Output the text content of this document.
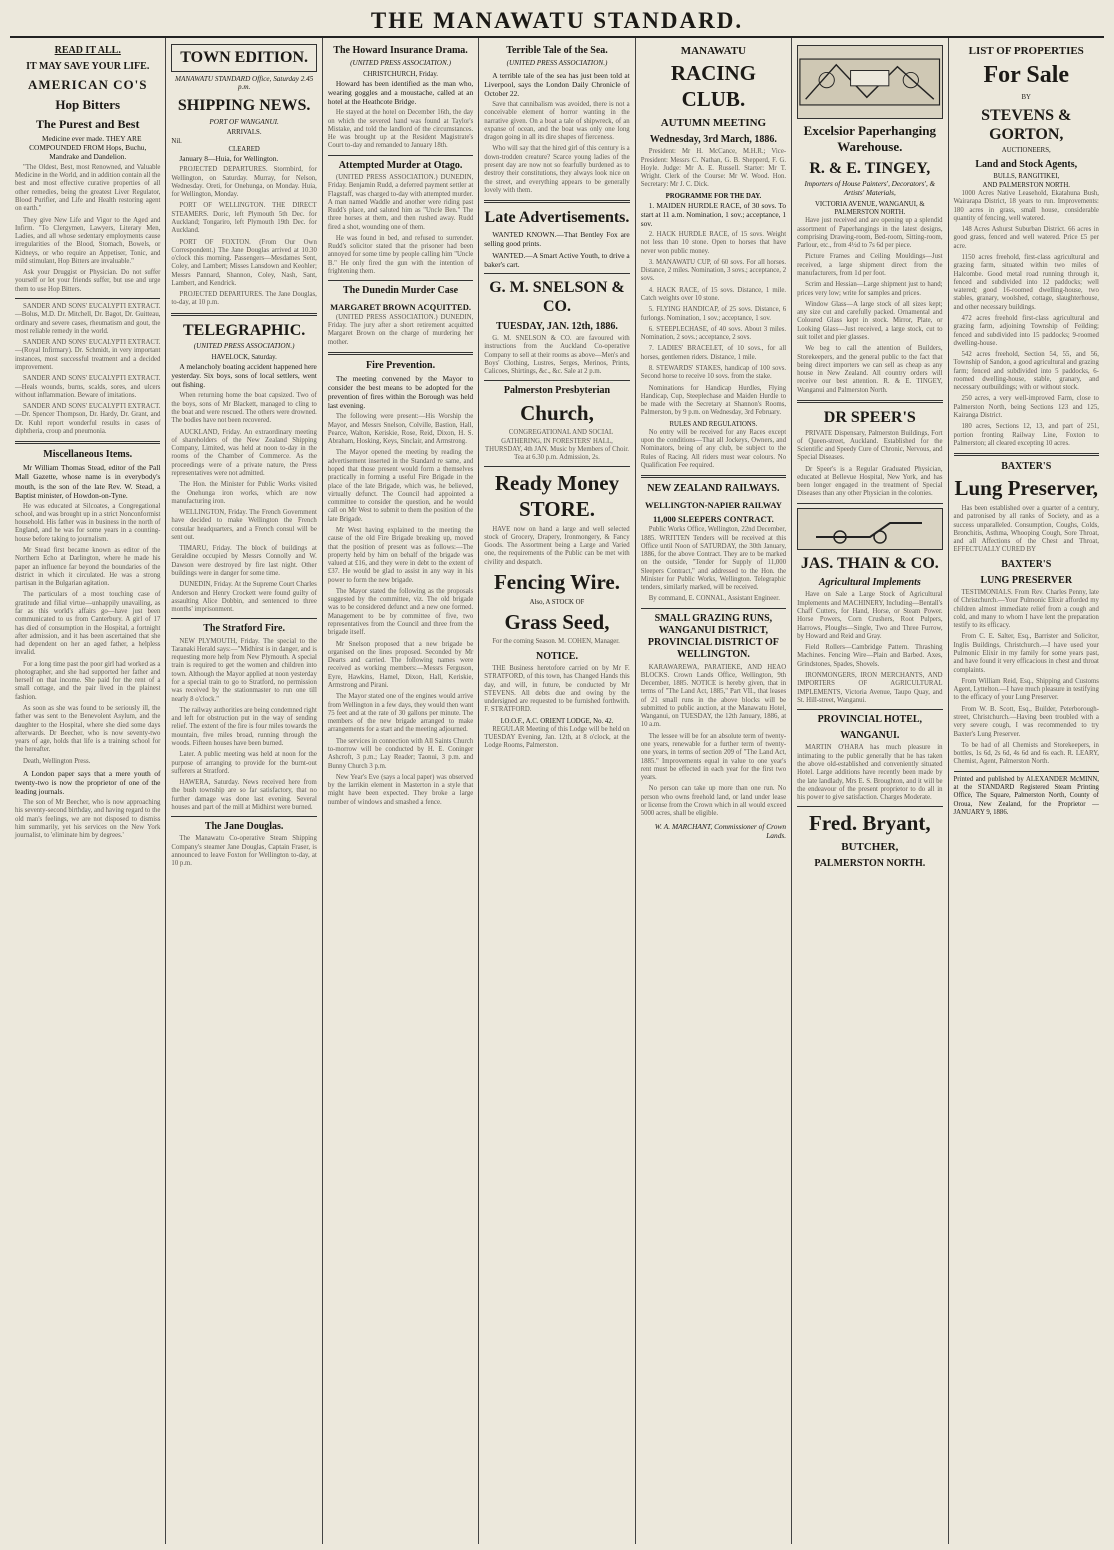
THE MANAWATU STANDARD.
READ IT ALL.
IT MAY SAVE YOUR LIFE.
AMERICAN CO'S
Hop Bitters
The Purest and Best

Medicine ever made. THEY ARE COMPOUNDED FROM Hops, Buchu, Mandrake and Dandelion.

"The Oldest, Best, most Renowned, and Valuable Medicine in the World, and in addition contain all the best and most effective curative properties of all other remedies, being the greatest Liver Regulator, Blood Purifier, and Life and Health restoring agent on earth."

They give New Life and Vigor to the Aged and Infirm. "To Clergymen, Lawyers, Literary Men, Ladies, and all whose sedentary employments cause irregularities of the Blood, Stomach, Bowels, or Kidneys, or who require an Appetiser, Tonic, and mild stimulant, Hop Bitters are invaluable."

Ask your Druggist or Physician. Do not suffer yourself or let your friends suffer, but use and urge them to use Hop Bitters.

SANDER AND SONS' EUCALYPTI EXTRACT.—Bolus, M.D. Dr. Mitchell, Dr. Bagot, Dr. Guitteau, ordinary and severe cases, rheumatism and gout, the most reliable remedy in the world.

SANDER AND SONS' EUCALYPTI EXTRACT.—(Royal Infirmary). Dr. Schmidt, in very important instances, most successful treatment and a decided improvement.

SANDER AND SONS' EUCALYPTI EXTRACT.—Heals wounds, burns, scalds, sores, and ulcers without inflammation. Beware of imitations.

SANDER AND SONS' EUCALYPTI EXTRACT.—Dr. Spencer Thompson, Dr. Hardy, Dr. Grant, and Dr. Kuhl report wonderful results in cases of diphtheria, croup and pneumonia.

Miscellaneous Items.

Mr William Thomas Stead, editor of the Pall Mall Gazette, whose name is in everybody's mouth, is the son of the late Rev. W. Stead, a Baptist minister, of Howdon-on-Tyne.

He was educated at Silcoates, a Congregational school, and was brought up in a strict Nonconformist household. His father was in business in the north of England, and he was for some years in a counting-house before taking to journalism.

Mr Stead first became known as editor of the Northern Echo at Darlington, where he made his paper an influence far beyond the boundaries of the district in which it circulated. He was a strong partisan in the Bulgarian agitation.

The particulars of a most touching case of gratitude and filial virtue—unhappily unavailing, as far as this world's affairs go—have just been communicated to us from Canterbury. A girl of 17 has died of consumption in the Hospital, a fortnight after admission, and it has been ascertained that she had dependent on her an aged father, a helpless invalid.

For a long time past the poor girl had worked as a photographer, and she had supported her father and herself on that income. She paid for the rent of a small cottage, and the pair lived in the plainest fashion.

As soon as she was found to be seriously ill, the father was sent to the Benevolent Asylum, and the daughter to the Hospital, where she died some days afterwards. Dr Beecher, who is now seventy-two years of age, holds that life is a training school for the hereafter.

Death, Wellington Press.

A London paper says that a mere youth of twenty-two is now the proprietor of one of the leading journals.

The son of Mr Beecher, who is now approaching his seventy-second birthday, and having regard to the old man's feelings, we are not disposed to dismiss him summarily, yet his services on the New York journalist, to 'eliminate him by degrees.'

TOWN EDITION.
MANAWATU STANDARD Office, Saturday 2.45 p.m.
SHIPPING NEWS.
PORT OF WANGANUI.
ARRIVALS.
Nil.
CLEARED

January 8—Huia, for Wellington.

PROJECTED DEPARTURES. Stormbird, for Wellington, on Saturday. Murray, for Nelson, Wednesday. Oreti, for Onehunga, on Monday. Huia, for Wellington, Monday.

PORT OF WELLINGTON. THE DIRECT STEAMERS. Doric, left Plymouth 5th Dec. for Auckland; Tongariro, left Plymouth 19th Dec. for Auckland.

PORT OF FOXTON. (From Our Own Correspondent.) The Jane Douglas arrived at 10.30 o'clock this morning. Passengers—Mesdames Sent, Coley, and Lambert; Misses Lansdown and Keohler; Messrs Pannard, Shannon, Coley, Nash, Sant, Lambert, and Kendrick.

PROJECTED DEPARTURES. The Jane Douglas, to-day, at 10 p.m.

TELEGRAPHIC.
(UNITED PRESS ASSOCIATION.)
HAVELOCK, Saturday.

A melancholy boating accident happened here yesterday. Six boys, sons of local settlers, went out fishing.

When returning home the boat capsized. Two of the boys, sons of Mr Blackett, managed to cling to the boat and were rescued. The others were drowned. The bodies have not been recovered.

AUCKLAND, Friday. An extraordinary meeting of shareholders of the New Zealand Shipping Company, Limited, was held at noon to-day in the rooms of the Chamber of Commerce. As the proceedings were of a private nature, the Press representatives were not admitted.

The Hon. the Minister for Public Works visited the Onehunga iron works, which are now manufacturing iron.

WELLINGTON, Friday. The French Government have decided to make Wellington the French consular headquarters, and a French consul will be sent out.

TIMARU, Friday. The block of buildings at Geraldine occupied by Messrs Connolly and W. Dawson were destroyed by fire last night. Other buildings were in danger for some time.

DUNEDIN, Friday. At the Supreme Court Charles Anderson and Henry Crockett were found guilty of assaulting Alice Dobbin, and sentenced to three months' imprisonment.

The Stratford Fire.

NEW PLYMOUTH, Friday. The special to the Taranaki Herald says:—"Midhirst is in danger, and is requesting more help from New Plymouth. A special train is required to get the women and children into town. Although the Mayor applied at noon yesterday for a special train to go to Stratford, no permission was received by the stationmaster to run one till nearly 8 o'clock."

The railway authorities are being condemned right and left for obstruction put in the way of sending relief. The extent of the fire is four miles towards the mountain, five miles broad, running through the woods. Fifteen houses have been burned.

Later. A public meeting was held at noon for the purpose of arranging to provide for the burnt-out sufferers at Stratford.

HAWERA, Saturday. News received here from the bush township are so far satisfactory, that no further damage was done last evening. Several houses and part of the mill at Midhirst were burned.

The Jane Douglas.

The Manawatu Co-operative Steam Shipping Company's steamer Jane Douglas, Captain Fraser, is announced to leave Foxton for Wellington to-day, at 10 p.m.

The Howard Insurance Drama.
(UNITED PRESS ASSOCIATION.)
CHRISTCHURCH, Friday.

Howard has been identified as the man who, wearing goggles and a moustache, called at an hotel at the Heathcote Bridge.

He stayed at the hotel on December 16th, the day on which the severed hand was found at Taylor's Mistake, and told the landlord of the circumstances. He was brought up at the Resident Magistrate's Court to-day and remanded to January 18th.

Attempted Murder at Otago.

(UNITED PRESS ASSOCIATION.) DUNEDIN, Friday. Benjamin Rudd, a deferred payment settler at Flagstaff, was charged to-day with attempted murder. A man named Waddle and another were riding past Rudd's place, and saluted him as "Uncle Ben." The three horses at them, and then rushed away. Rudd fired a shot, wounding one of them.

He was found in bed, and refused to surrender. Rudd's solicitor stated that the prisoner had been annoyed for some time by people calling him "Uncle B." He only fired the gun with the intention of frightening them.

The Dunedin Murder Case
MARGARET BROWN ACQUITTED.

(UNITED PRESS ASSOCIATION.) DUNEDIN, Friday. The jury after a short retirement acquitted Margaret Brown on the charge of murdering her mother.

Fire Prevention.

The meeting convened by the Mayor to consider the best means to be adopted for the prevention of fires within the Borough was held last evening.

The following were present:—His Worship the Mayor, and Messrs Snelson, Colville, Bastion, Hall, Pearce, Walton, Keriskie, Rose, Reid, Dixon, H. S. Abraham, Hosking, Keys, Sinclair, and Armstrong.

The Mayor opened the meeting by reading the advertisement inserted in the Standard re same, and hoped that those present would form a themselves practically in forming a useful Fire Brigade in the place of the late Brigade, which was, he believed, virtually defunct. The Council had appointed a committee to consider the question, and he would call on Mr West to submit to them the position of the late Brigade.

Mr West having explained to the meeting the cause of the old Fire Brigade breaking up, moved that the position of present was as follows:—The property held by him on behalf of the brigade was valued at £16, and they were in debt to the extent of £37. He would be glad to assist in any way in his power to form the new brigade.

The Mayor stated the following as the proposals suggested by the committee, viz. The old brigade was to be considered defunct and a new one formed. Management to be by committee of five, two representatives from the Council and three from the brigade itself.

Mr Snelson proposed that a new brigade be organised on the lines proposed. Seconded by Mr Dearts and carried. The following names were received as working members:—Messrs Ferguson, Eyre, Hawkins, Hamel, Dixon, Hall, Keriskie, Armstrong and Pirani.

The Mayor stated one of the engines would arrive from Wellington in a few days, they would then want 75 feet and at the rate of 30 gallons per minute. The members of the new brigade arranged to make arrangements for a start and the meeting adjourned.

The services in connection with All Saints Church to-morrow will be conducted by H. E. Coninger Ashcroft, 3 p.m.; Lay Reader; Taonui, 3 p.m. and Bunny Church 3 p.m.

New Year's Eve (says a local paper) was observed by the larrikin element in Masterton in a style that might have been expected. They broke a large number of windows and smashed a fence.

Terrible Tale of the Sea.
(UNITED PRESS ASSOCIATION.)

A terrible tale of the sea has just been told at Liverpool, says the London Daily Chronicle of October 22.

Save that cannibalism was avoided, there is not a conceivable element of horror wanting in the narrative given. On a boat a tale of shipwreck, of an expanse of ocean, and the boat was only one long dragon going in all its dire shapes of fierceness.

Who will say that the hired girl of this century is a down-trodden creature? Scarce young ladies of the present day are now not so fearfully burdened as to destroy their constitutions, they always look nice on the street, and everything appears to be generally lovely with them.

Late Advertisements.

WANTED KNOWN.—That Bentley Fox are selling good prints.

WANTED.—A Smart Active Youth, to drive a baker's cart.

G. M. SNELSON & CO.
TUESDAY, JAN. 12th, 1886.

G. M. SNELSON & CO. are favoured with instructions from the Auckland Co-operative Company to sell at their rooms as above—Men's and Boys' Clothing, Lustres, Serges, Merinos, Prints, Calicoes, Shirtings, &c., &c. Sale at 2 p.m.

Palmerston Presbyterian
Church,

CONGREGATIONAL AND SOCIAL GATHERING, IN FORESTERS' HALL, THURSDAY, 4th JAN. Music by Members of Choir. Tea at 6.30 p.m. Admission, 2s.

Ready Money STORE.

HAVE now on hand a large and well selected stock of Grocery, Drapery, Ironmongery, & Fancy Goods. The Assortment being a Large and Varied one, the requirements of the Public can be met with civility and despatch.

Fencing Wire.
Also, A STOCK OF
Grass Seed,

For the coming Season. M. COHEN, Manager.

NOTICE.

THE Business heretofore carried on by Mr F. STRATFORD, of this town, has Changed Hands this day, and will, in future, be conducted by Mr STEVENS. All debts due and owing by the undersigned are requested to be furnished forthwith. F. STRATFORD.

I.O.O.F., A.C. ORIENT LODGE, No. 42.

REGULAR Meeting of this Lodge will be held on TUESDAY Evening, Jan. 12th, at 8 o'clock, at the Lodge Rooms, Palmerston.

MANAWATU
RACING CLUB.
AUTUMN MEETING
Wednesday, 3rd March, 1886.

President: Mr H. McCance, M.H.R.; Vice-President: Messrs C. Nathan, G. B. Shepperd, F. G. Hoyle. Judge: Mr A. E. Russell. Starter: Mr T. Wright. Clerk of the Course: Mr W. Wood. Hon. Secretary: Mr J. C. Dick.

PROGRAMME FOR THE DAY.

1. MAIDEN HURDLE RACE, of 30 sovs. To start at 11 a.m. Nomination, 1 sov.; acceptance, 1 sov.

2. HACK HURDLE RACE, of 15 sovs. Weight not less than 10 stone. Open to horses that have never won public money.

3. MANAWATU CUP, of 60 sovs. For all horses. Distance, 2 miles. Nomination, 3 sovs.; acceptance, 2 sovs.

4. HACK RACE, of 15 sovs. Distance, 1 mile. Catch weights over 10 stone.

5. FLYING HANDICAP, of 25 sovs. Distance, 6 furlongs. Nomination, 1 sov.; acceptance, 1 sov.

6. STEEPLECHASE, of 40 sovs. About 3 miles. Nomination, 2 sovs.; acceptance, 2 sovs.

7. LADIES' BRACELET, of 10 sovs., for all horses, gentlemen riders. Distance, 1 mile.

8. STEWARDS' STAKES, handicap of 100 sovs. Second horse to receive 10 sovs. from the stake.

Nominations for Handicap Hurdles, Flying Handicap, Cup, Steeplechase and Maiden Hurdle to be made with the Secretary at Shannon's Rooms, Palmerston, by 9 p.m. on Wednesday, 3rd February.

RULES AND REGULATIONS.

No entry will be received for any Races except upon the conditions—That all Jockeys, Owners, and Nominators, being of any club, be subject to the Rules of Racing. All riders must wear colours. No Qualification Fee required.

NEW ZEALAND RAILWAYS.
WELLINGTON-NAPIER RAILWAY
11,000 SLEEPERS CONTRACT.

Public Works Office, Wellington, 22nd December, 1885. WRITTEN Tenders will be received at this Office until Noon of SATURDAY, the 30th January, 1886, for the above Contract. They are to be marked on the outside, "Tender for Supply of 11,000 Sleepers Contract," and addressed to the Hon. the Minister for Public Works, Wellington. Telegraphic tenders, similarly marked, will be received.

By command, E. CONNAL, Assistant Engineer.

SMALL GRAZING RUNS, WANGANUI DISTRICT, PROVINCIAL DISTRICT OF WELLINGTON.

KARAWAREWA, PARATIEKE, AND HEAO BLOCKS. Crown Lands Office, Wellington, 9th December, 1885. NOTICE is hereby given, that in terms of "The Land Act, 1885," Part VII., that leases of 21 small runs in the above blocks will be submitted to public auction, at the Manawatu Hotel, Wanganui, on TUESDAY, the 12th January, 1886, at 10 a.m.

The lessee will be for an absolute term of twenty-one years, renewable for a further term of twenty-one years, in terms of section 209 of "The Land Act, 1885." Improvements equal in value to one year's rent must be effected in each year for the first two years.

No person can take up more than one run. No person who owns freehold land, or land under lease or license from the Crown which in all would exceed 5000 acres, shall be eligible.

W. A. MARCHANT, Commissioner of Crown Lands.
Excelsior Paperhanging Warehouse.
R. & E. TINGEY,
Importers of House Painters', Decorators', & Artists' Materials,
VICTORIA AVENUE, WANGANUI, & PALMERSTON NORTH.

Have just received and are opening up a splendid assortment of Paperhangings in the latest designs, comprising Drawing-room, Bed-room, Sitting-room, Parlour, etc., from 4½d to 7s 6d per piece.

Picture Frames and Ceiling Mouldings—Just received, a large shipment direct from the manufacturers, from 1d per foot.

Scrim and Hessian—Large shipment just to hand; prices very low; write for samples and prices.

Window Glass—A large stock of all sizes kept; any size cut and carefully packed. Ornamental and Coloured Glass kept in stock. Mirror, Plate, or Looking Glass—Just received, a large stock, cut to suit toilet and pier glasses.

We beg to call the attention of Builders, Storekeepers, and the general public to the fact that being direct importers we can sell as cheap as any house in New Zealand. All country orders will receive our best attention. R. & E. TINGEY, Wanganui and Palmerston North.

DR SPEER'S

PRIVATE Dispensary, Palmerston Buildings, Fort of Queen-street, Auckland. Established for the Scientific and Speedy Cure of Chronic, Nervous, and Special Diseases.

Dr Speer's is a Regular Graduated Physician, educated at Bellevue Hospital, New York, and has been longer engaged in the treatment of Special Diseases than any other Physician in the colonies.

JAS. THAIN & CO.
Agricultural Implements

Have on Sale a Large Stock of Agricultural Implements and MACHINERY, Including—Bentall's Chaff Cutters, for Hand, Horse, or Steam Power. Horse Powers, Corn Crushers, Root Pulpers, Harrows, Ploughs—Single, Two and Three Furrow, by Howard and Reid and Gray.

Field Rollers—Cambridge Pattern. Thrashing Machines. Fencing Wire—Plain and Barbed. Axes, Grindstones, Spades, Shovels.

IRONMONGERS, IRON MERCHANTS, AND IMPORTERS OF AGRICULTURAL IMPLEMENTS, Victoria Avenue, Taupo Quay, and St. Hill-street, Wanganui.

PROVINCIAL HOTEL,
WANGANUI.

MARTIN O'HARA has much pleasure in intimating to the public generally that he has taken the above old-established and conveniently situated Hotel. Large additions have recently been made by the late landlady, Mrs E. S. Broughton, and it will be the endeavour of the present proprietor to do all in his power to give satisfaction. Charges Moderate.

Fred. Bryant,
BUTCHER,
PALMERSTON NORTH.
LIST OF PROPERTIES
For Sale
BY
STEVENS & GORTON,
AUCTIONEERS,
Land and Stock Agents,
BULLS, RANGITIKEI,
AND PALMERSTON NORTH.

1000 Acres Native Leasehold, Ekatahuna Bush, Wairarapa District, 18 years to run. Improvements: 180 acres in grass, small house, considerable quantity of fencing, well watered.

148 Acres Ashurst Suburban District. 66 acres in good grass, fenced and well watered. Price £5 per acre.

1150 acres freehold, first-class agricultural and grazing farm, situated within two miles of Halcombe. Good metal road running through it, fenced and subdivided into 12 paddocks; well watered; good 16-roomed dwelling-house, two stables, granary, woolshed, cottage, slaughterhouse, and other necessary buildings.

472 acres freehold first-class agricultural and grazing farm, adjoining Township of Feilding; fenced and subdivided into 15 paddocks; 9-roomed dwelling-house.

542 acres freehold, Section 54, 55, and 56, Township of Sandon, a good agricultural and grazing farm; fenced and subdivided into 5 paddocks, 6-roomed dwelling-house, stable, granary, and necessary outbuildings; with or without stock.

250 acres, a very well-improved Farm, close to Palmerston North, being Sections 123 and 125, Kairanga District.

180 acres, Sections 12, 13, and part of 251, portion fronting Railway Line, Foxton to Palmerston; all cleared excepting 10 acres.

BAXTER'S
Lung Preserver,

Has been established over a quarter of a century, and patronised by all ranks of Society, and as a success unparalleled. Consumption, Coughs, Colds, Bronchitis, Asthma, Whooping Cough, Sore Throat, and all Affections of the Chest and Throat, EFFECTUALLY CURED BY

BAXTER'S
LUNG PRESERVER

TESTIMONIALS. From Rev. Charles Penny, late of Christchurch.—Your Pulmonic Elixir afforded my children almost immediate relief from a cough and cold, and many to whom I have lent the preparation testify to its efficacy.

From C. E. Salter, Esq., Barrister and Solicitor, Inglis Buildings, Christchurch.—I have used your Pulmonic Elixir in my family for some years past, and have found it very efficacious in chest and throat complaints.

From William Reid, Esq., Shipping and Customs Agent, Lyttelton.—I have much pleasure in testifying to the efficacy of your Lung Preserver.

From W. B. Scott, Esq., Builder, Peterborough-street, Christchurch.—Having been troubled with a very severe cough, I was recommended to try Baxter's Lung Preserver.

To be had of all Chemists and Storekeepers, in bottles, 1s 6d, 2s 6d, 4s 6d and 6s each. R. LEARY, Chemist, Agent, Palmerston North.

Printed and published by ALEXANDER McMINN, at the STANDARD Registered Steam Printing Office, The Square, Palmerston North, County of Oroua, New Zealand, for the Proprietor — JANUARY 9, 1886.
